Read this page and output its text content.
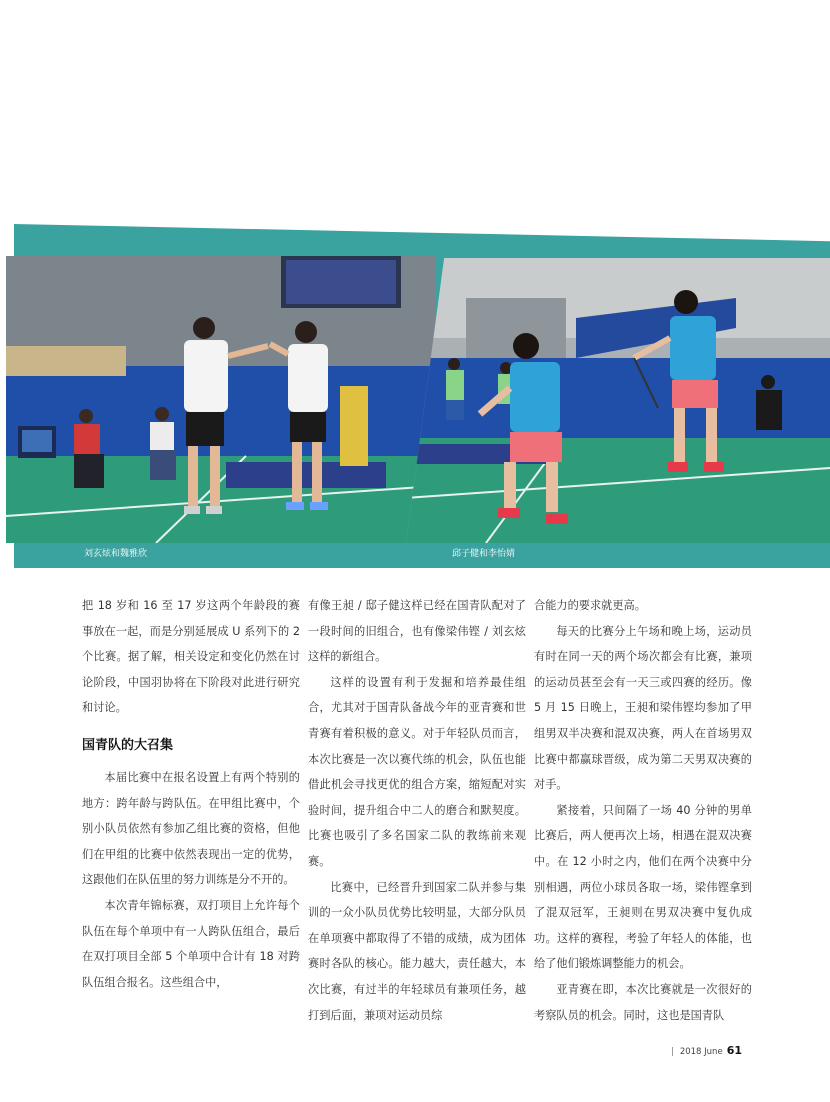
刘玄炫和魏雅欣	邱子健和李怡婧

把 18 岁和 16 至 17 岁这两个年龄段的赛事放在一起，而是分别延展成 U 系列下的 2 个比赛。据了解，相关设定和变化仍然在讨论阶段，中国羽协将在下阶段对此进行研究和讨论。

国青队的大召集

本届比赛中在报名设置上有两个特别的地方：跨年龄与跨队伍。在甲组比赛中，个别小队员依然有参加乙组比赛的资格，但他们在甲组的比赛中依然表现出一定的优势，这跟他们在队伍里的努力训练是分不开的。

本次青年锦标赛，双打项目上允许每个队伍在每个单项中有一人跨队伍组合，最后在双打项目全部 5 个单项中合计有 18 对跨队伍组合报名。这些组合中，

有像王昶 / 邸子健这样已经在国青队配对了一段时间的旧组合，也有像梁伟铿 / 刘玄炫这样的新组合。

这样的设置有利于发掘和培养最佳组合，尤其对于国青队备战今年的亚青赛和世青赛有着积极的意义。对于年轻队员而言，本次比赛是一次以赛代练的机会，队伍也能借此机会寻找更优的组合方案，缩短配对实验时间，提升组合中二人的磨合和默契度。比赛也吸引了多名国家二队的教练前来观赛。

比赛中，已经晋升到国家二队并参与集训的一众小队员优势比较明显，大部分队员在单项赛中都取得了不错的成绩，成为团体赛时各队的核心。能力越大，责任越大，本次比赛，有过半的年轻球员有兼项任务，越打到后面，兼项对运动员综

合能力的要求就更高。

每天的比赛分上午场和晚上场，运动员有时在同一天的两个场次都会有比赛，兼项的运动员甚至会有一天三或四赛的经历。像 5 月 15 日晚上，王昶和梁伟铿均参加了甲组男双半决赛和混双决赛，两人在首场男双比赛中都赢球晋级，成为第二天男双决赛的对手。

紧接着，只间隔了一场 40 分钟的男单比赛后，两人便再次上场，相遇在混双决赛中。在 12 小时之内，他们在两个决赛中分别相遇，两位小球员各取一场，梁伟铿拿到了混双冠军，王昶则在男双决赛中复仇成功。这样的赛程，考验了年轻人的体能，也给了他们锻炼调整能力的机会。

亚青赛在即，本次比赛就是一次很好的考察队员的机会。同时，这也是国青队

| 2018 June 61
